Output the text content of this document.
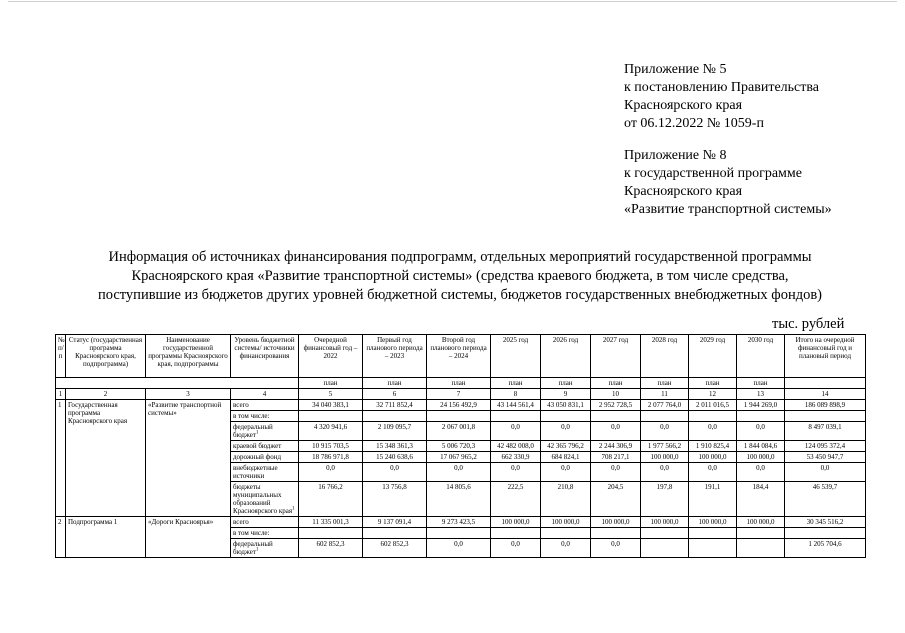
Приложение № 5
к постановлению Правительства
Красноярского края
от 06.12.2022 № 1059-п
Приложение № 8
к государственной программе
Красноярского края
«Развитие транспортной системы»
Информация об источниках финансирования подпрограмм, отдельных мероприятий государственной программы
Красноярского края «Развитие транспортной системы» (средства краевого бюджета, в том числе средства,
поступившие из бюджетов других уровней бюджетной системы, бюджетов государственных внебюджетных фондов)
тыс. рублей
№ п/п	Статус (государственная программа Красноярского края, подпрограмма)	Наименование государственной программы Красноярского края, подпрограммы	Уровень бюджетной системы/ источники финансирования	Очередной финансовый год – 2022	Первый год планового периода – 2023	Второй год планового периода – 2024	2025 год	2026 год	2027 год	2028 год	2029 год	2030 год	Итого на очередной финансовый год и плановый период
				план	план	план	план	план	план	план	план	план	
1	2	3	4	5	6	7	8	9	10	11	12	13	14
1	Государственная программа Красноярского края	«Развитие транспортной системы»	всего	34 040 383,1	32 711 852,4	24 156 492,9	43 144 561,4	43 050 831,1	2 952 728,5	2 077 764,0	2 011 016,5	1 944 269,0	186 089 898,9
			в том числе:										
			федеральный бюджет$^1$	4 320 941,6	2 109 095,7	2 067 001,8	0,0	0,0	0,0	0,0	0,0	0,0	8 497 039,1
			краевой бюджет	10 915 703,5	15 348 361,3	5 006 720,3	42 482 008,0	42 365 796,2	2 244 306,9	1 977 566,2	1 910 825,4	1 844 084,6	124 095 372,4
			дорожный фонд	18 786 971,8	15 240 638,6	17 067 965,2	662 330,9	684 824,1	708 217,1	100 000,0	100 000,0	100 000,0	53 450 947,7
			внебюджетные источники	0,0	0,0	0,0	0,0	0,0	0,0	0,0	0,0	0,0	0,0
			бюджеты муниципальных образований Красноярского края$^1$	16 766,2	13 756,8	14 805,6	222,5	210,8	204,5	197,8	191,1	184,4	46 539,7
2	Подпрограмма 1	«Дороги Красноярья»	всего	11 335 001,3	9 137 091,4	9 273 423,5	100 000,0	100 000,0	100 000,0	100 000,0	100 000,0	100 000,0	30 345 516,2
			в том числе:										
			федеральный бюджет$^1$	602 852,3	602 852,3	0,0	0,0	0,0	0,0				1 205 704,6
